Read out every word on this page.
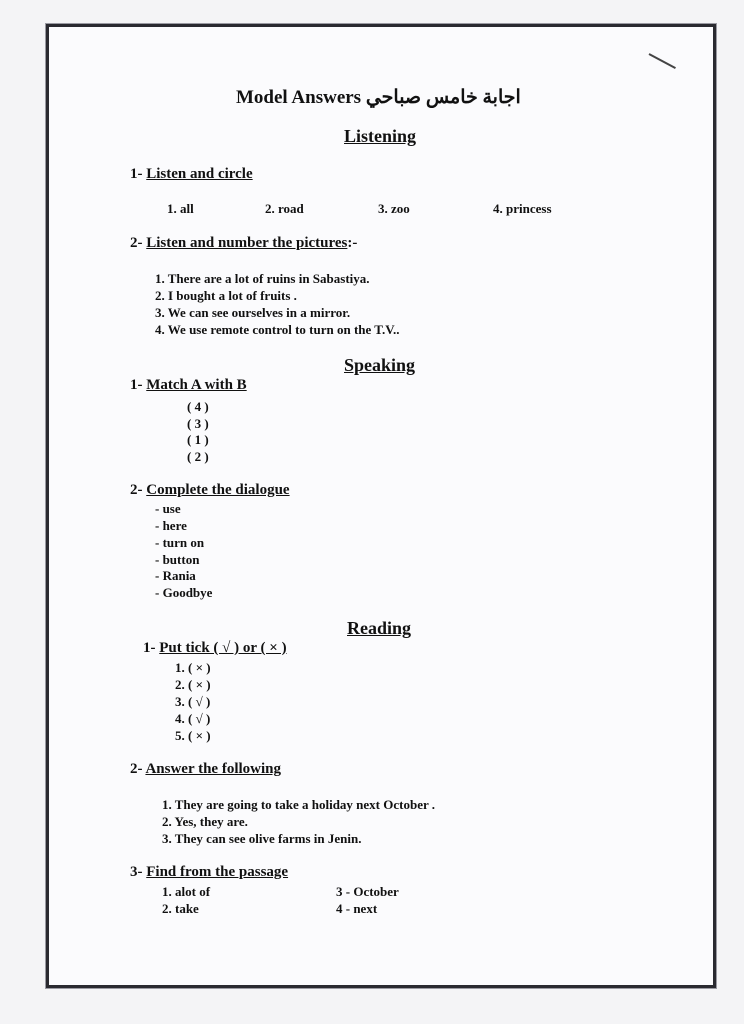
Model Answers اجابة خامس صباحي
Listening
1- Listen and circle
1. all	2. road	3. zoo	4. princess
2- Listen and number the pictures:-
1. There are a lot of ruins in Sabastiya.
2. I bought a lot of fruits .
3. We can see ourselves in a mirror.
4. We use remote control to turn on the T.V..
Speaking
1- Match A with B
( 4 )
( 3 )
( 1 )
( 2 )
2- Complete the dialogue
- use
- here
- turn on
- button
- Rania
- Goodbye
Reading
1- Put tick ( √ ) or ( × )
1. ( × )
2. ( × )
3. ( √ )
4. ( √ )
5. ( × )
2- Answer the following
1. They are going to take a holiday next October .
2. Yes, they are.
3. They can see olive farms in Jenin.
3- Find from the passage
1. alot of
2. take
3 - October
4 - next
